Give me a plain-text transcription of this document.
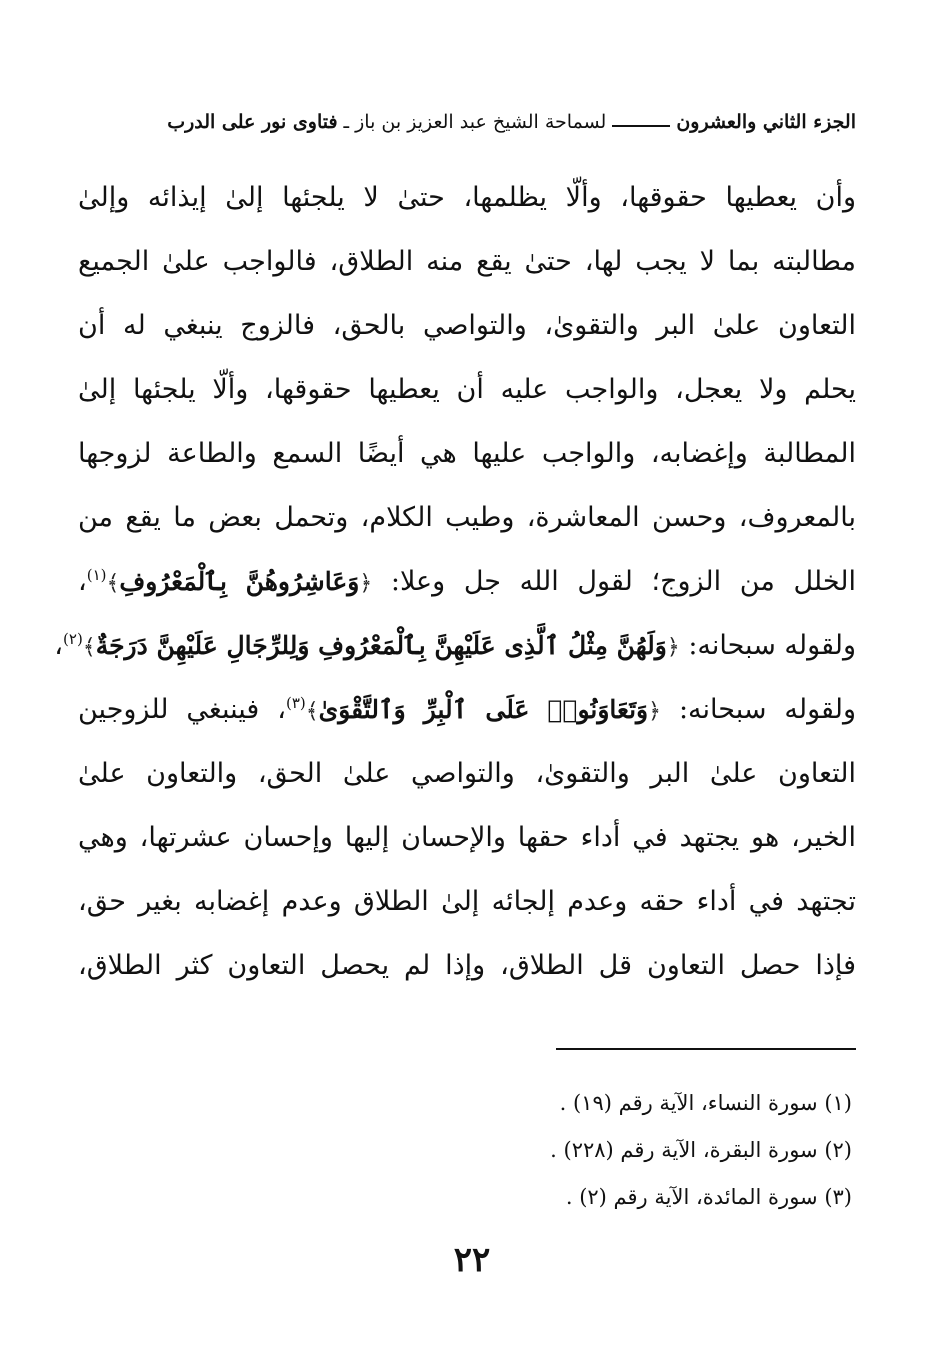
الجزء الثاني والعشرون
لسماحة الشيخ عبد العزيز بن باز
ـ
فتاوى نور على الدرب
وأن يعطيها حقوقها، وألّا يظلمها، حتىٰ لا يلجئها إلىٰ إيذائه وإلىٰ
مطالبته بما لا يجب لها، حتىٰ يقع منه الطلاق، فالواجب علىٰ الجميع
التعاون علىٰ البر والتقوىٰ، والتواصي بالحق، فالزوج ينبغي له أن
يحلم ولا يعجل، والواجب عليه أن يعطيها حقوقها، وألّا يلجئها إلىٰ
المطالبة وإغضابه، والواجب عليها هي أيضًا السمع والطاعة لزوجها
بالمعروف، وحسن المعاشرة، وطيب الكلام، وتحمل بعض ما يقع من
الخلل من الزوج؛ لقول الله جل وعلا: ﴿وَعَاشِرُوهُنَّ بِٱلْمَعْرُوفِ﴾$^{(١)}$،
ولقوله سبحانه: ﴿وَلَهُنَّ مِثْلُ ٱلَّذِى عَلَيْهِنَّ بِٱلْمَعْرُوفِ وَلِلرِّجَالِ عَلَيْهِنَّ دَرَجَةٌ﴾$^{(٢)}$،
ولقوله سبحانه: ﴿وَتَعَاوَنُوا۟ عَلَى ٱلْبِرِّ وَٱلتَّقْوَىٰ﴾$^{(٣)}$، فينبغي للزوجين
التعاون علىٰ البر والتقوىٰ، والتواصي علىٰ الحق، والتعاون علىٰ
الخير، هو يجتهد في أداء حقها والإحسان إليها وإحسان عشرتها، وهي
تجتهد في أداء حقه وعدم إلجائه إلىٰ الطلاق وعدم إغضابه بغير حق،
فإذا حصل التعاون قل الطلاق، وإذا لم يحصل التعاون كثر الطلاق،
(١) سورة النساء، الآية رقم (١٩) .
(٢) سورة البقرة، الآية رقم (٢٢٨) .
(٣) سورة المائدة، الآية رقم (٢) .
٢٢
